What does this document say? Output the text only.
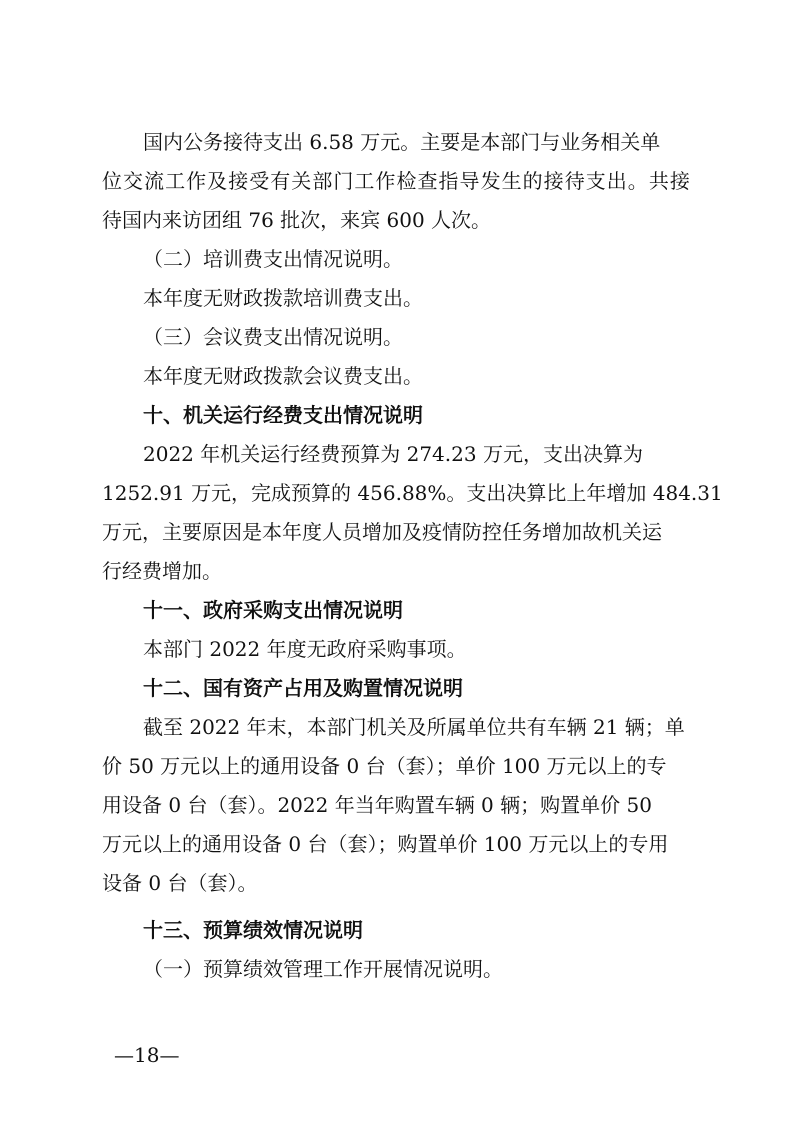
国内公务接待支出 6.58 万元。主要是本部门与业务相关单
位 交 流 工 作 及 接 受 有 关 部 门 工 作 检 查 指 导 发 生 的 接 待 支 出 。 共 接
待国内来访团组 76 批次，来宾 600 人次。
（二）培训费支出情况说明。
本年度无财政拨款培训费支出。
（三）会议费支出情况说明。
本年度无财政拨款会议费支出。
十、机关运行经费支出情况说明
2022 年机关运行经费预算为 274.23 万元，支出决算为
1252.91 万元，完成预算的 456.88%。支出决算比上年增加 484.31
万元，主要原因是本年度人员增加及疫情防控任务增加故机关运
行经费增加。
十一、政府采购支出情况说明
本部门 2022 年度无政府采购事项。
十二、国有资产占用及购置情况说明
截至 2022 年末，本部门机关及所属单位共有车辆 21 辆；单
价 50 万元以上的通用设备 0 台（套）；单价 100 万元以上的专
用设备 0 台（套）。2022 年当年购置车辆 0 辆；购置单价 50
万元以上的通用设备 0 台（套）；购置单价 100 万元以上的专用
设备 0 台（套）。
十三、预算绩效情况说明
（一）预算绩效管理工作开展情况说明。
—18—
